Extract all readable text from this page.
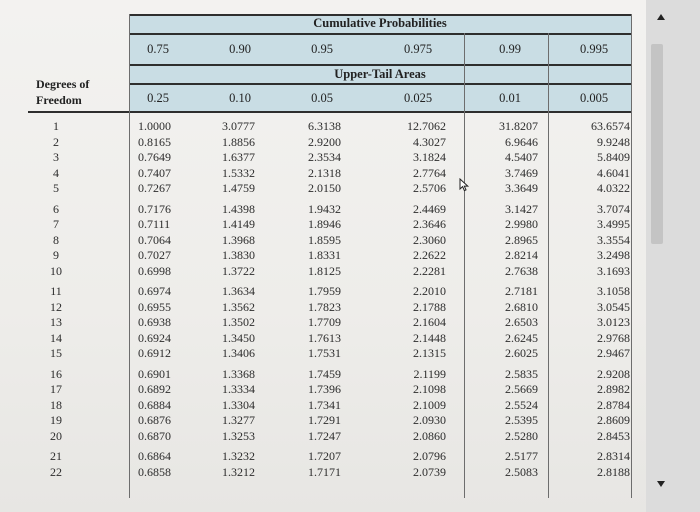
Cumulative Probabilities
Upper-Tail Areas
Degrees of
Freedom
0.75	0.90	0.95	0.975	0.99	0.995
0.25	0.10	0.05	0.025	0.01	0.005
1	1.0000	3.0777	6.3138	12.7062	31.8207	63.6574
2	0.8165	1.8856	2.9200	4.3027	6.9646	9.9248
3	0.7649	1.6377	2.3534	3.1824	4.5407	5.8409
4	0.7407	1.5332	2.1318	2.7764	3.7469	4.6041
5	0.7267	1.4759	2.0150	2.5706	3.3649	4.0322
6	0.7176	1.4398	1.9432	2.4469	3.1427	3.7074
7	0.7111	1.4149	1.8946	2.3646	2.9980	3.4995
8	0.7064	1.3968	1.8595	2.3060	2.8965	3.3554
9	0.7027	1.3830	1.8331	2.2622	2.8214	3.2498
10	0.6998	1.3722	1.8125	2.2281	2.7638	3.1693
11	0.6974	1.3634	1.7959	2.2010	2.7181	3.1058
12	0.6955	1.3562	1.7823	2.1788	2.6810	3.0545
13	0.6938	1.3502	1.7709	2.1604	2.6503	3.0123
14	0.6924	1.3450	1.7613	2.1448	2.6245	2.9768
15	0.6912	1.3406	1.7531	2.1315	2.6025	2.9467
16	0.6901	1.3368	1.7459	2.1199	2.5835	2.9208
17	0.6892	1.3334	1.7396	2.1098	2.5669	2.8982
18	0.6884	1.3304	1.7341	2.1009	2.5524	2.8784
19	0.6876	1.3277	1.7291	2.0930	2.5395	2.8609
20	0.6870	1.3253	1.7247	2.0860	2.5280	2.8453
21	0.6864	1.3232	1.7207	2.0796	2.5177	2.8314
22	0.6858	1.3212	1.7171	2.0739	2.5083	2.8188
